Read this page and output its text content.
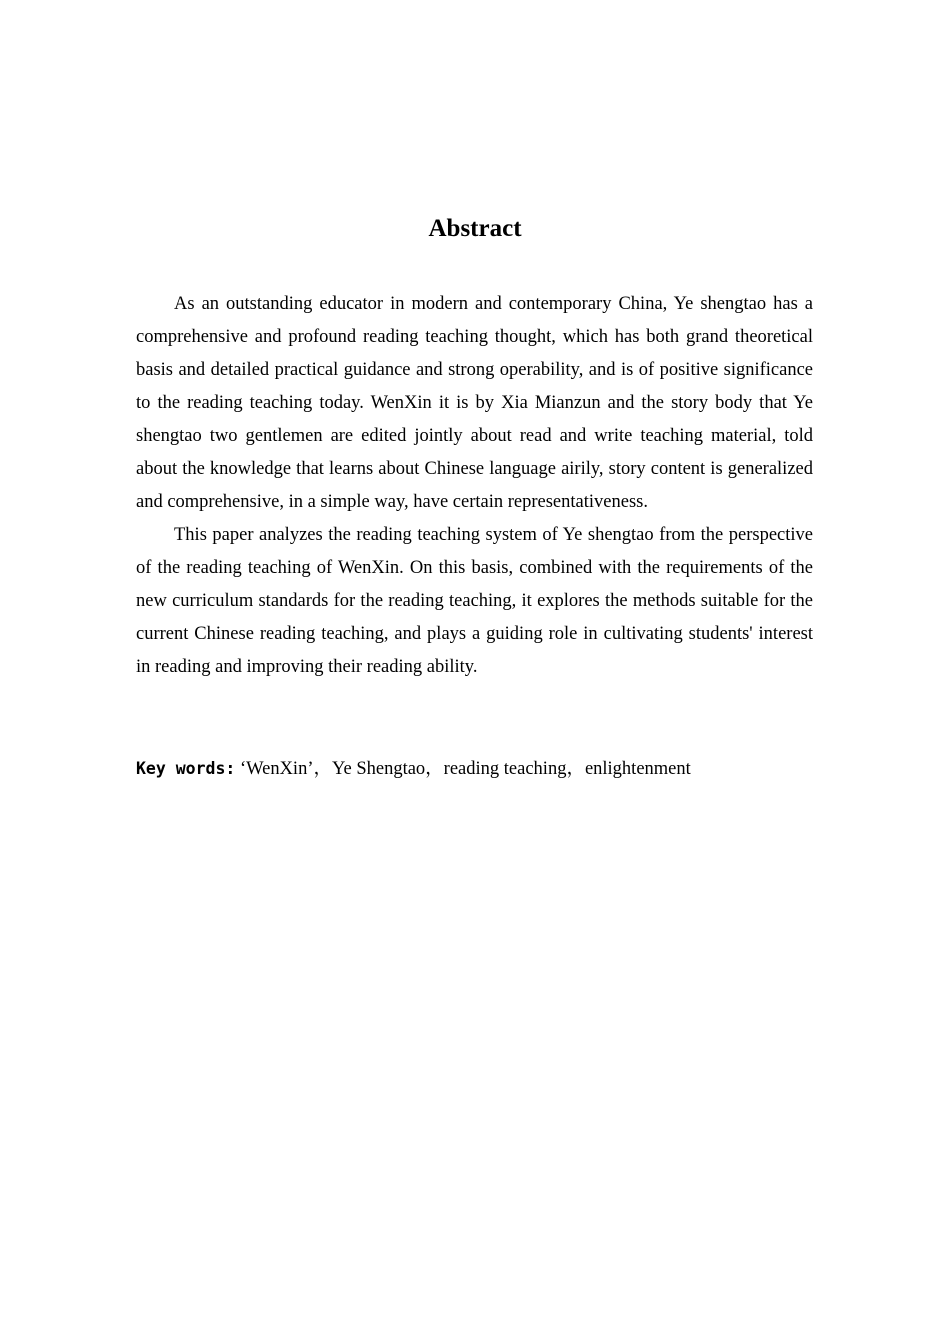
Abstract

As an outstanding educator in modern and contemporary China, Ye shengtao has a comprehensive and profound reading teaching thought, which has both grand theoretical basis and detailed practical guidance and strong operability, and is of positive significance to the reading teaching today. WenXin it is by Xia Mianzun and the story body that Ye shengtao two gentlemen are edited jointly about read and write teaching material, told about the knowledge that learns about Chinese language airily, story content is generalized and comprehensive, in a simple way, have certain representativeness.

This paper analyzes the reading teaching system of Ye shengtao from the perspective of the reading teaching of WenXin. On this basis, combined with the requirements of the new curriculum standards for the reading teaching, it explores the methods suitable for the current Chinese reading teaching, and plays a guiding role in cultivating students' interest in reading and improving their reading ability.

Key words: ‘WenXin’，Ye Shengtao，reading teaching，enlightenment
